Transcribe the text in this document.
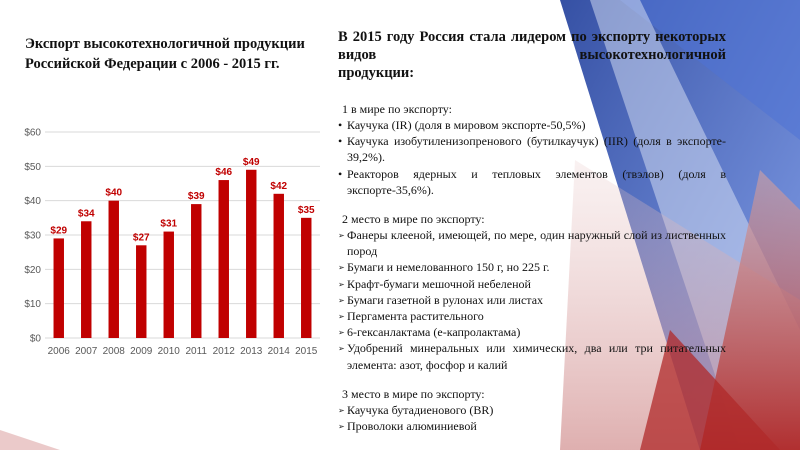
Экспорт высокотехнологичной продукции Российской Федерации с 2006 - 2015 гг.
$0
$10
$20
$30
$40
$50
$60
$29
2006
$34
2007
$40
2008
$27
2009
$31
2010
$39
2011
$46
2012
$49
2013
$42
2014
$35
2015

В 2015 году Россия стала лидером по экспорту некоторых видов высокотехнологичной
продукции:

1 в мире по экспорту:

• Каучука (IR) (доля в мировом экспорте-50,5%)
• Каучука изобутиленизопренового (бутилкаучук) (IIR) (доля в экспорте- 39,2%).
• Реакторов ядерных и тепловых элементов (твэлов) (доля в экспорте-35,6%).

2 место в мире по экспорту:

➢ Фанеры клееной, имеющей, по мере, один наружный слой из лиственных пород
➢ Бумаги и немелованного 150 г, но 225 г.
➢ Крафт-бумаги мешочной небеленой
➢ Бумаги газетной в рулонах или листах
➢ Пергамента растительного
➢ 6-гексанлактама (е-капролактама)
➢ Удобрений минеральных или химических, два или три питательных элемента: азот, фосфор и калий

3 место в мире по экспорту:

➢ Каучука бутадиенового (BR)
➢ Проволоки алюминиевой
